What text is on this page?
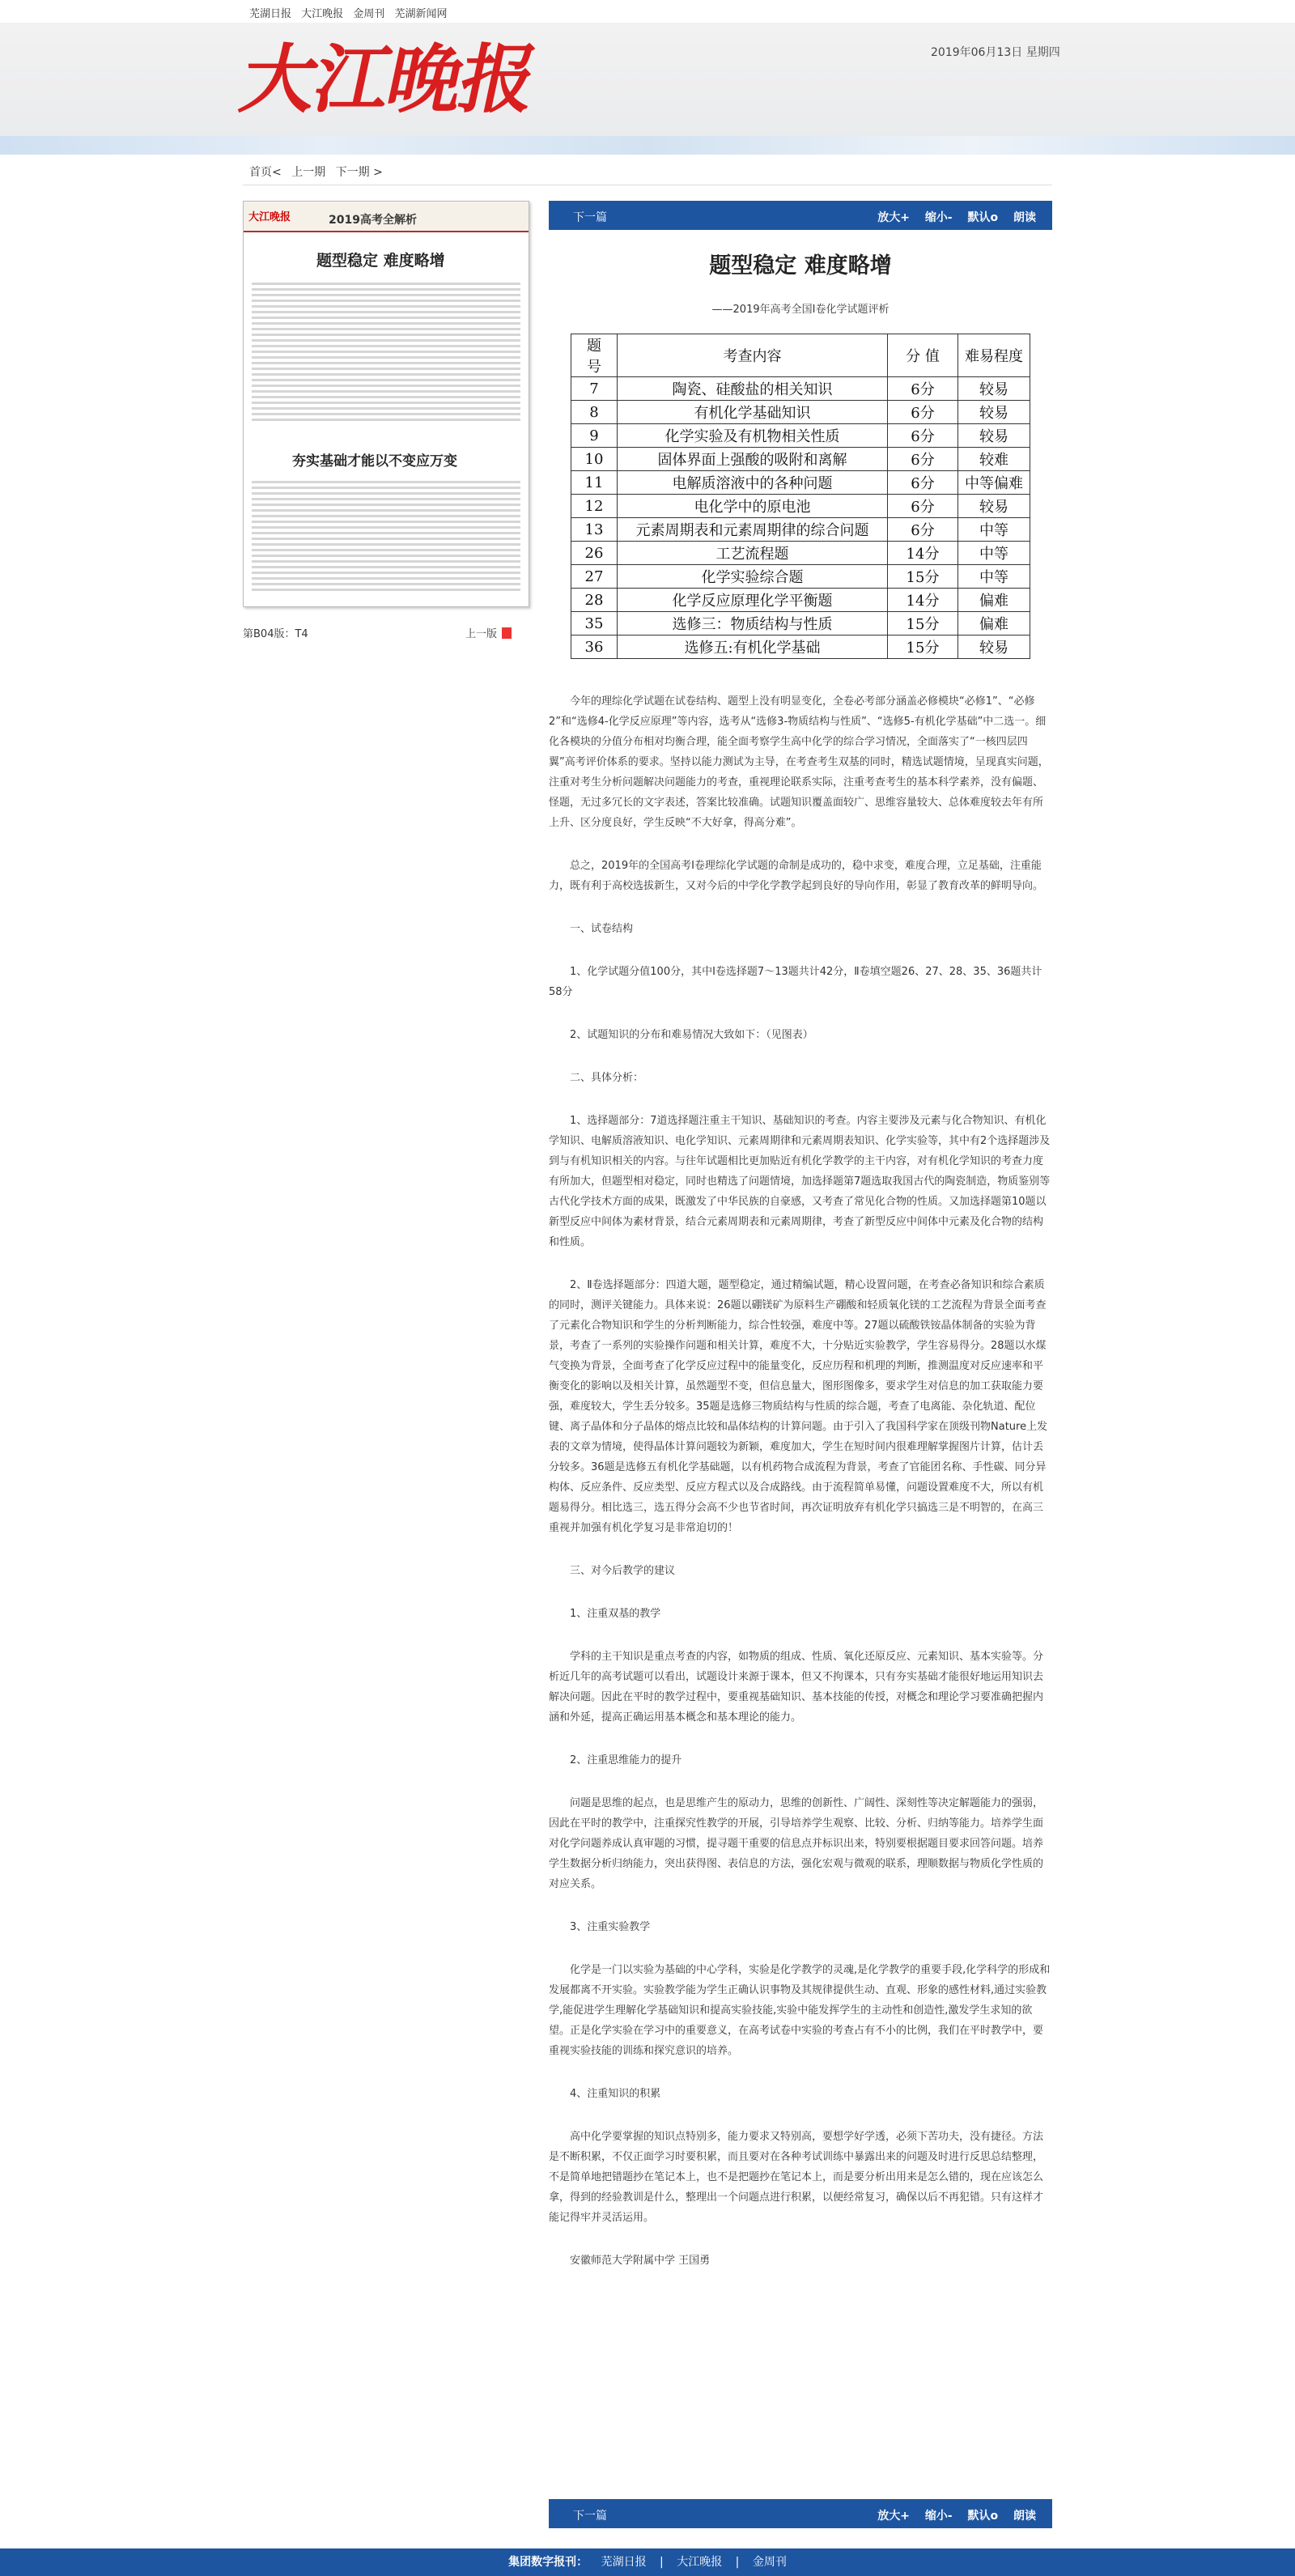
芜湖日报 大江晚报 金周刊 芜湖新闻网
大江晚报	2019年06月13日 星期四
首页< 上一期 下一期 >
大江晚报	2019高考全解析
题型稳定 难度略增
夯实基础才能以不变应万变
第B04版：T4	上一版
下一篇	放大+ 缩小- 默认o 朗读
题型稳定 难度略增
——2019年高考全国Ⅰ卷化学试题评析
题　号	考查内容	分 值	难易程度
7	陶瓷、硅酸盐的相关知识	6分	较易
8	有机化学基础知识	6分	较易
9	化学实验及有机物相关性质	6分	较易
10	固体界面上强酸的吸附和离解	6分	较难
11	电解质溶液中的各种问题	6分	中等偏难
12	电化学中的原电池	6分	较易
13	元素周期表和元素周期律的综合问题	6分	中等
26	工艺流程题	14分	中等
27	化学实验综合题	15分	中等
28	化学反应原理化学平衡题	14分	偏难
35	选修三：物质结构与性质	15分	偏难
36	选修五:有机化学基础	15分	较易

今年的理综化学试题在试卷结构、题型上没有明显变化，全卷必考部分涵盖必修模块“必修1”、“必修2”和“选修4-化学反应原理”等内容，选考从“选修3-物质结构与性质”、“选修5-有机化学基础”中二选一。细化各模块的分值分布相对均衡合理，能全面考察学生高中化学的综合学习情况，全面落实了“一核四层四翼”高考评价体系的要求。坚持以能力测试为主导，在考查考生双基的同时，精选试题情境，呈现真实问题，注重对考生分析问题解决问题能力的考查，重视理论联系实际，注重考查考生的基本科学素养，没有偏题、怪题，无过多冗长的文字表述，答案比较准确。试题知识覆盖面较广、思维容量较大、总体难度较去年有所上升、区分度良好，学生反映“不大好拿，得高分难”。

总之，2019年的全国高考Ⅰ卷理综化学试题的命制是成功的，稳中求变，难度合理，立足基础，注重能力，既有利于高校选拔新生，又对今后的中学化学教学起到良好的导向作用，彰显了教育改革的鲜明导向。

一、试卷结构

1、化学试题分值100分，其中Ⅰ卷选择题7～13题共计42分，Ⅱ卷填空题26、27、28、35、36题共计58分

2、试题知识的分布和难易情况大致如下：（见图表）

二、具体分析：

1、选择题部分：7道选择题注重主干知识、基础知识的考查。内容主要涉及元素与化合物知识、有机化学知识、电解质溶液知识、电化学知识、元素周期律和元素周期表知识、化学实验等，其中有2个选择题涉及到与有机知识相关的内容。与往年试题相比更加贴近有机化学教学的主干内容，对有机化学知识的考查力度有所加大，但题型相对稳定，同时也精选了问题情境，加选择题第7题选取我国古代的陶瓷制造，物质鉴别等古代化学技术方面的成果，既激发了中华民族的自豪感，又考查了常见化合物的性质。又加选择题第10题以新型反应中间体为素材背景，结合元素周期表和元素周期律，考查了新型反应中间体中元素及化合物的结构和性质。

2、Ⅱ卷选择题部分：四道大题，题型稳定，通过精编试题，精心设置问题，在考查必备知识和综合素质的同时，测评关键能力。具体来说：26题以硼镁矿为原料生产硼酸和轻质氧化镁的工艺流程为背景全面考查了元素化合物知识和学生的分析判断能力，综合性较强，难度中等。27题以硫酸铁铵晶体制备的实验为背景，考查了一系列的实验操作问题和相关计算，难度不大，十分贴近实验教学，学生容易得分。28题以水煤气变换为背景，全面考查了化学反应过程中的能量变化，反应历程和机理的判断，推测温度对反应速率和平衡变化的影响以及相关计算，虽然题型不变，但信息量大，图形图像多，要求学生对信息的加工获取能力要强，难度较大，学生丢分较多。35题是选修三物质结构与性质的综合题，考查了电离能、杂化轨道、配位键、离子晶体和分子晶体的熔点比较和晶体结构的计算问题。由于引入了我国科学家在顶级刊物Nature上发表的文章为情境，使得晶体计算问题较为新颖，难度加大，学生在短时间内很难理解掌握图片计算，估计丢分较多。36题是选修五有机化学基础题，以有机药物合成流程为背景，考查了官能团名称、手性碳、同分异构体、反应条件、反应类型、反应方程式以及合成路线。由于流程简单易懂，问题设置难度不大，所以有机题易得分。相比选三，选五得分会高不少也节省时间，再次证明放弃有机化学只搞选三是不明智的，在高三重视并加强有机化学复习是非常迫切的！

三、对今后教学的建议

1、注重双基的教学

学科的主干知识是重点考查的内容，如物质的组成、性质、氧化还原反应、元素知识、基本实验等。分析近几年的高考试题可以看出，试题设计来源于课本，但又不拘课本，只有夯实基础才能很好地运用知识去解决问题。因此在平时的教学过程中，要重视基础知识、基本技能的传授，对概念和理论学习要准确把握内涵和外延，提高正确运用基本概念和基本理论的能力。

2、注重思维能力的提升

问题是思维的起点，也是思维产生的原动力，思维的创新性、广阔性、深刻性等决定解题能力的强弱，因此在平时的教学中，注重探究性教学的开展，引导培养学生观察、比较、分析、归纳等能力。培养学生面对化学问题养成认真审题的习惯，提寻题干重要的信息点并标识出来，特别要根据题目要求回答问题。培养学生数据分析归纳能力，突出获得图、表信息的方法，强化宏观与微观的联系，理顺数据与物质化学性质的对应关系。

3、注重实验教学

化学是一门以实验为基础的中心学科，实验是化学教学的灵魂,是化学教学的重要手段,化学科学的形成和发展都离不开实验。实验教学能为学生正确认识事物及其规律提供生动、直观、形象的感性材料,通过实验教学,能促进学生理解化学基础知识和提高实验技能,实验中能发挥学生的主动性和创造性,激发学生求知的欲望。正是化学实验在学习中的重要意义，在高考试卷中实验的考查占有不小的比例，我们在平时教学中，要重视实验技能的训练和探究意识的培养。

4、注重知识的积累

高中化学要掌握的知识点特别多，能力要求又特别高，要想学好学透，必须下苦功夫，没有捷径。方法是不断积累，不仅正面学习时要积累，而且要对在各种考试训练中暴露出来的问题及时进行反思总结整理，不是简单地把错题抄在笔记本上，也不是把题抄在笔记本上，而是要分析出用来是怎么错的，现在应该怎么拿，得到的经验教训是什么，整理出一个问题点进行积累，以便经常复习，确保以后不再犯错。只有这样才能记得牢并灵活运用。

安徽师范大学附属中学 王国勇

下一篇	放大+ 缩小- 默认o 朗读
集团数字报刊： 芜湖日报 | 大江晚报 | 金周刊
